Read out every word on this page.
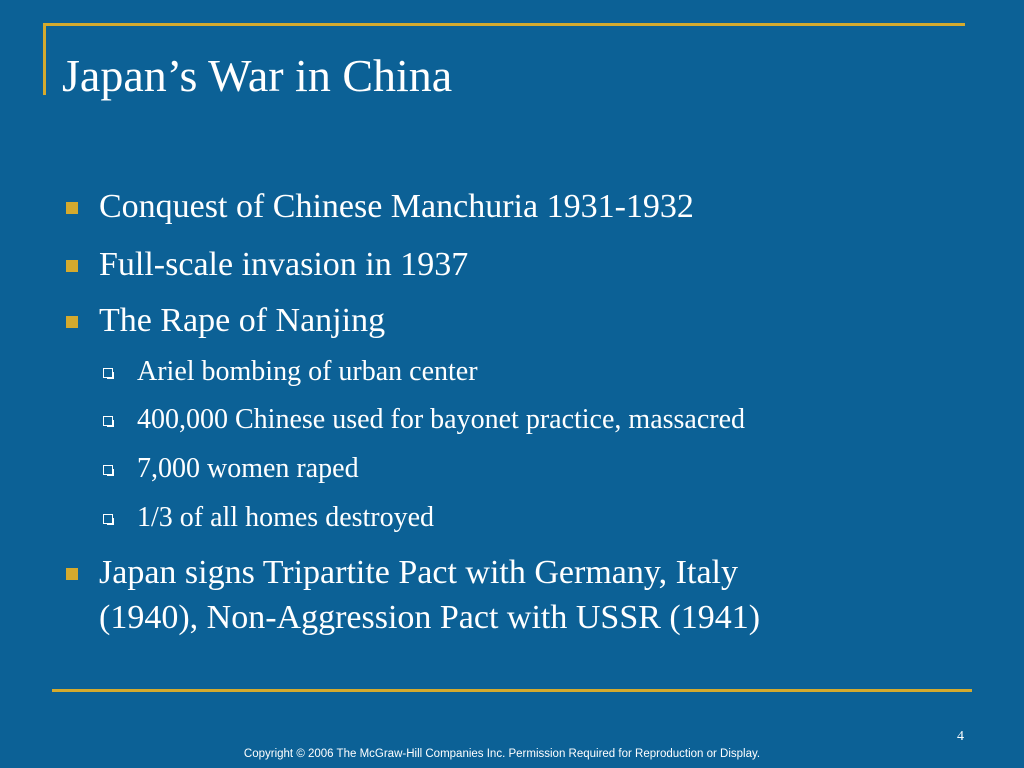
Japan’s War in China
Conquest of Chinese Manchuria 1931-1932
Full-scale invasion in 1937
The Rape of Nanjing
Ariel bombing of urban center
400,000 Chinese used for bayonet practice, massacred
7,000 women raped
1/3 of all homes destroyed
Japan signs Tripartite Pact with Germany, Italy
(1940), Non-Aggression Pact with USSR (1941)
4
Copyright © 2006 The McGraw-Hill Companies Inc. Permission Required for Reproduction or Display.
